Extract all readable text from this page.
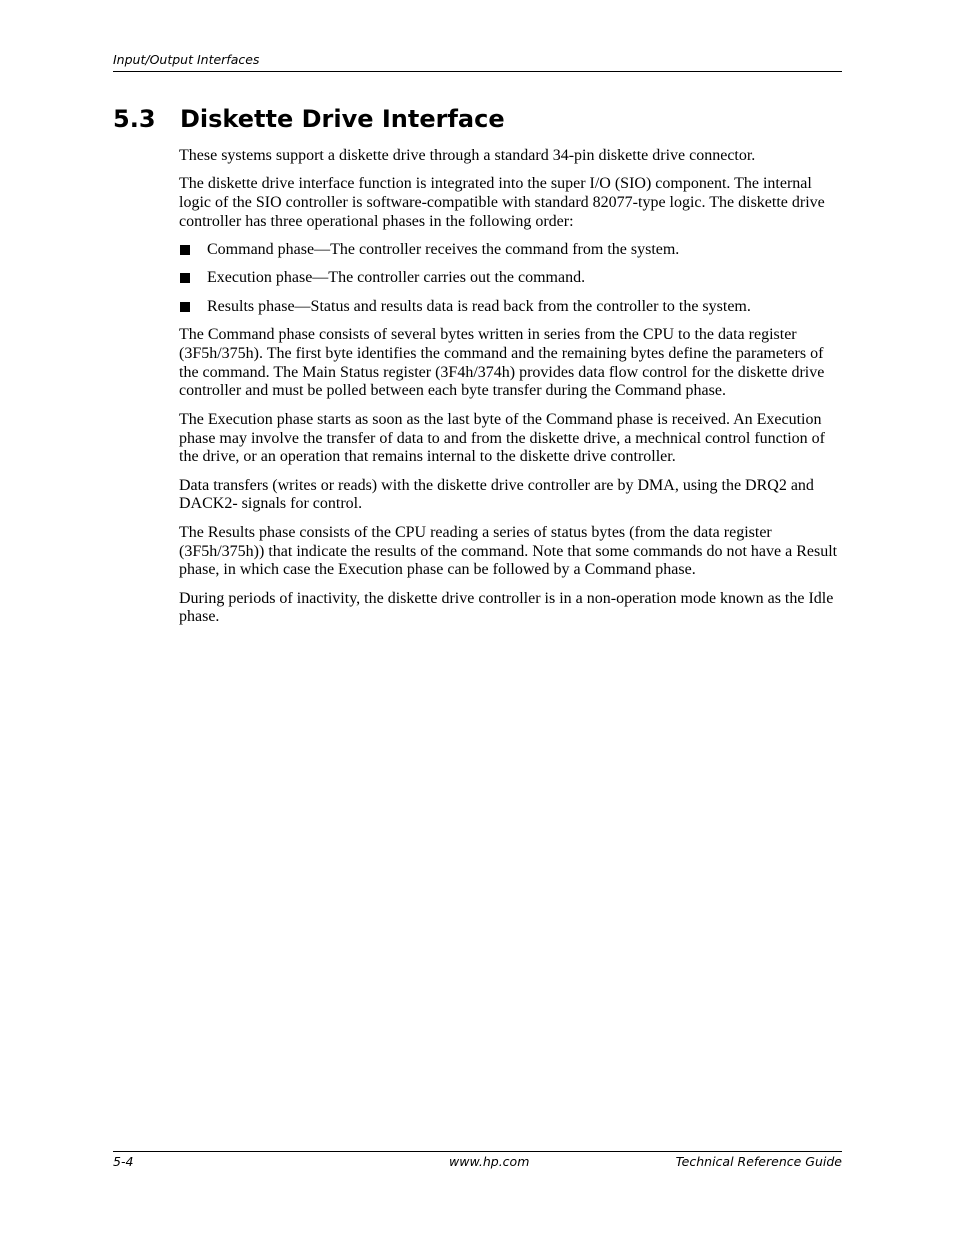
Input/Output Interfaces
5.3 Diskette Drive Interface

These systems support a diskette drive through a standard 34-pin diskette drive connector.

The diskette drive interface function is integrated into the super I/O (SIO) component. The internal logic of the SIO controller is software-compatible with standard 82077-type logic. The diskette drive controller has three operational phases in the following order:

Command phase—The controller receives the command from the system.
Execution phase—The controller carries out the command.
Results phase—Status and results data is read back from the controller to the system.

The Command phase consists of several bytes written in series from the CPU to the data register (3F5h/375h). The first byte identifies the command and the remaining bytes define the parameters of the command. The Main Status register (3F4h/374h) provides data flow control for the diskette drive controller and must be polled between each byte transfer during the Command phase.

The Execution phase starts as soon as the last byte of the Command phase is received. An Execution phase may involve the transfer of data to and from the diskette drive, a mechnical control function of the drive, or an operation that remains internal to the diskette drive controller.

Data transfers (writes or reads) with the diskette drive controller are by DMA, using the DRQ2 and DACK2- signals for control.

The Results phase consists of the CPU reading a series of status bytes (from the data register (3F5h/375h)) that indicate the results of the command. Note that some commands do not have a Result phase, in which case the Execution phase can be followed by a Command phase.

During periods of inactivity, the diskette drive controller is in a non-operation mode known as the Idle phase.

5-4	www.hp.com	Technical Reference Guide
